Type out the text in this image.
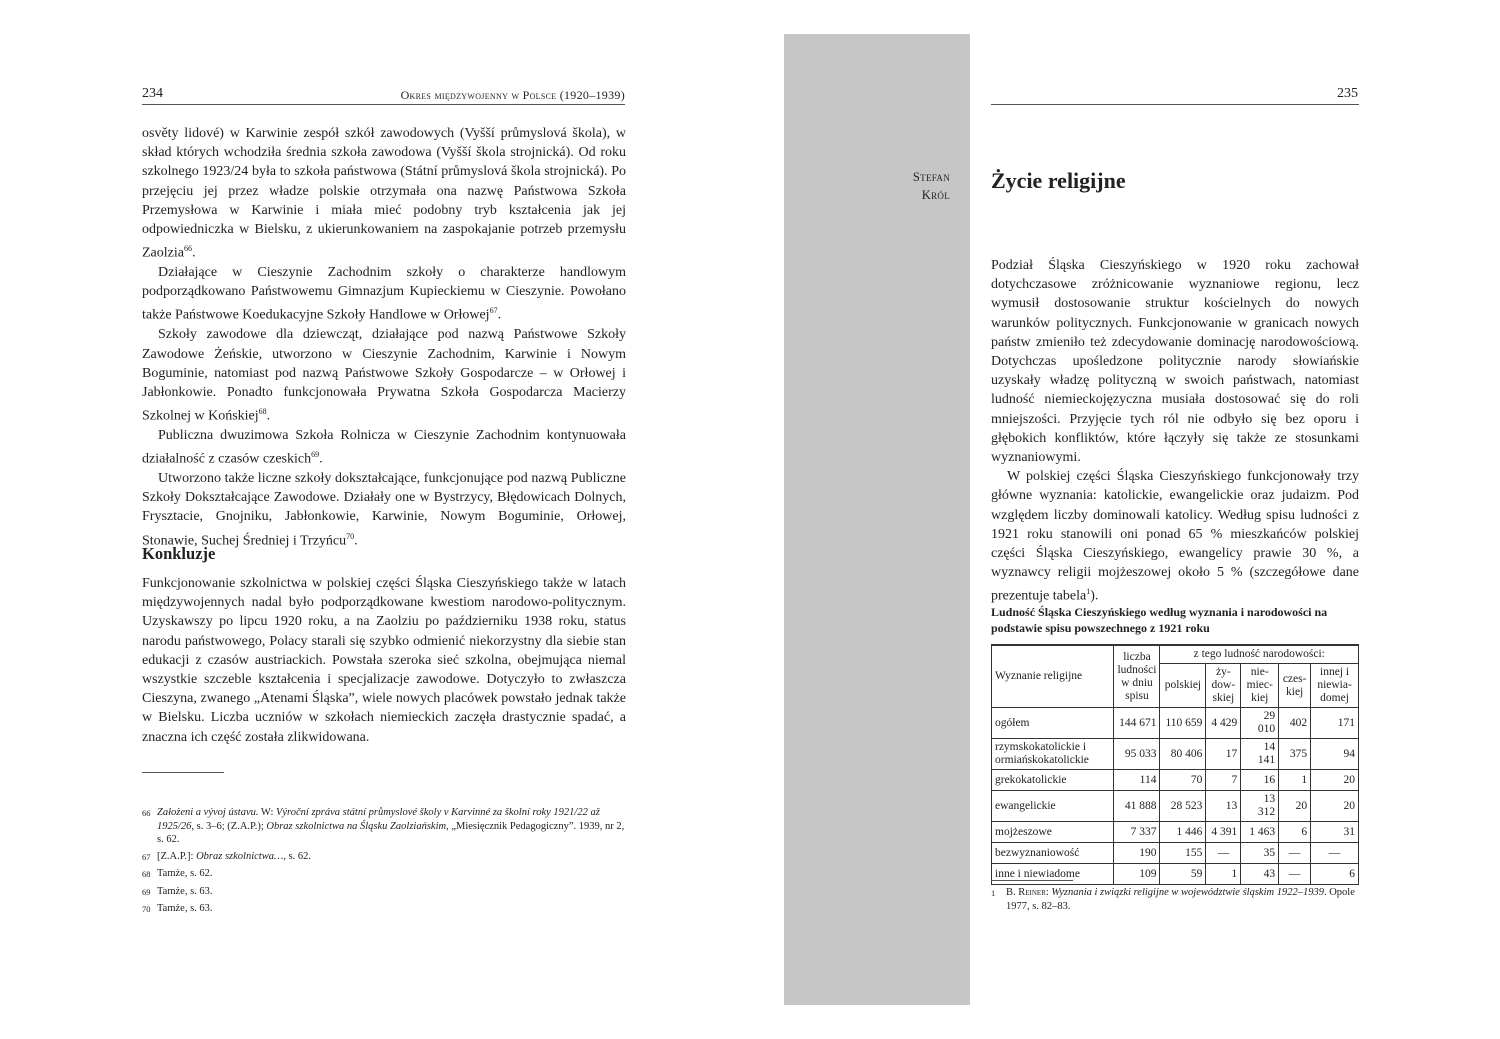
234	Okres międzywojenny w Polsce (1920–1939)

osvěty lidové) w Karwinie zespół szkół zawodowych (Vyšší průmyslová škola), w skład których wchodziła średnia szkoła zawodowa (Vyšší škola strojnická). Od roku szkolnego 1923/24 była to szkoła państwowa (Státní průmyslová škola strojnická). Po przejęciu jej przez władze polskie otrzymała ona nazwę Państwowa Szkoła Przemysłowa w Karwinie i miała mieć podobny tryb kształcenia jak jej odpowiedniczka w Bielsku, z ukierunkowaniem na zaspokajanie potrzeb przemysłu Zaolzia$^{66}$.

Działające w Cieszynie Zachodnim szkoły o charakterze handlowym podporządkowano Państwowemu Gimnazjum Kupieckiemu w Cieszynie. Powołano także Państwowe Koedukacyjne Szkoły Handlowe w Orłowej$^{67}$.

Szkoły zawodowe dla dziewcząt, działające pod nazwą Państwowe Szkoły Zawodowe Żeńskie, utworzono w Cieszynie Zachodnim, Karwinie i Nowym Boguminie, natomiast pod nazwą Państwowe Szkoły Gospodarcze – w Orłowej i Jabłonkowie. Ponadto funkcjonowała Prywatna Szkoła Gospodarcza Macierzy Szkolnej w Końskiej$^{68}$.

Publiczna dwuzimowa Szkoła Rolnicza w Cieszynie Zachodnim kontynuowała działalność z czasów czeskich$^{69}$.

Utworzono także liczne szkoły dokształcające, funkcjonujące pod nazwą Publiczne Szkoły Dokształcające Zawodowe. Działały one w Bystrzycy, Błędowicach Dolnych, Frysztacie, Gnojniku, Jabłonkowie, Karwinie, Nowym Boguminie, Orłowej, Stonawie, Suchej Średniej i Trzyńcu$^{70}$.

Konkluzje

Funkcjonowanie szkolnictwa w polskiej części Śląska Cieszyńskiego także w latach międzywojennych nadal było podporządkowane kwestiom narodowo-politycznym. Uzyskawszy po lipcu 1920 roku, a na Zaolziu po październiku 1938 roku, status narodu państwowego, Polacy starali się szybko odmienić niekorzystny dla siebie stan edukacji z czasów austriackich. Powstała szeroka sieć szkolna, obejmująca niemal wszystkie szczeble kształcenia i specjalizacje zawodowe. Dotyczyło to zwłaszcza Cieszyna, zwanego „Atenami Śląska”, wiele nowych placówek powstało jednak także w Bielsku. Liczba uczniów w szkołach niemieckich zaczęła drastycznie spadać, a znaczna ich część została zlikwidowana.

66 Założeni a vývoj ústavu. W: Výroční zpráva státní průmyslové školy v Karvinné za školní roky 1921/22 až 1925/26, s. 3–6; (Z.A.P.); Obraz szkolnictwa na Śląsku Zaolziańskim, „Miesięcznik Pedagogiczny”. 1939, nr 2, s. 62.
67 [Z.A.P.]: Obraz szkolnictwa…, s. 62.
68 Tamże, s. 62.
69 Tamże, s. 63.
70 Tamże, s. 63.
235
Stefan
Król
Życie religijne

Podział Śląska Cieszyńskiego w 1920 roku zachował dotychczasowe zróżnicowanie wyznaniowe regionu, lecz wymusił dostosowanie struktur kościelnych do nowych warunków politycznych. Funkcjonowanie w granicach nowych państw zmieniło też zdecydowanie dominację narodowościową. Dotychczas upośledzone politycznie narody słowiańskie uzyskały władzę polityczną w swoich państwach, natomiast ludność niemieckojęzyczna musiała dostosować się do roli mniejszości. Przyjęcie tych ról nie odbyło się bez oporu i głębokich konfliktów, które łączyły się także ze stosunkami wyznaniowymi.

W polskiej części Śląska Cieszyńskiego funkcjonowały trzy główne wyznania: katolickie, ewangelickie oraz judaizm. Pod względem liczby dominowali katolicy. Według spisu ludności z 1921 roku stanowili oni ponad 65 % mieszkańców polskiej części Śląska Cieszyńskiego, ewangelicy prawie 30 %, a wyznawcy religii mojżeszowej około 5 % (szczegółowe dane prezentuje tabela$^1$).

Ludność Śląska Cieszyńskiego według wyznania i narodowości na podstawie spisu powszechnego z 1921 roku
Wyznanie religijne	liczba ludności w dniu spisu	z tego ludność narodowości:				
		polskiej	ży-dow-skiej	nie-miec-kiej	czes-kiej	innej i niewia-domej
ogółem	144 671	110 659	4 429	29 010	402	171
rzymskokatolickie i ormiańskokatolickie	95 033	80 406	17	14 141	375	94
grekokatolickie	114	70	7	16	1	20
ewangelickie	41 888	28 523	13	13 312	20	20
mojżeszowe	7 337	1 446	4 391	1 463	6	31
bezwyznaniowość	190	155	—	35	—	—
inne i niewiadome	109	59	1	43	—	6
1	B. Reiner: Wyznania i związki religijne w województwie śląskim 1922–1939. Opole 1977, s. 82–83.
